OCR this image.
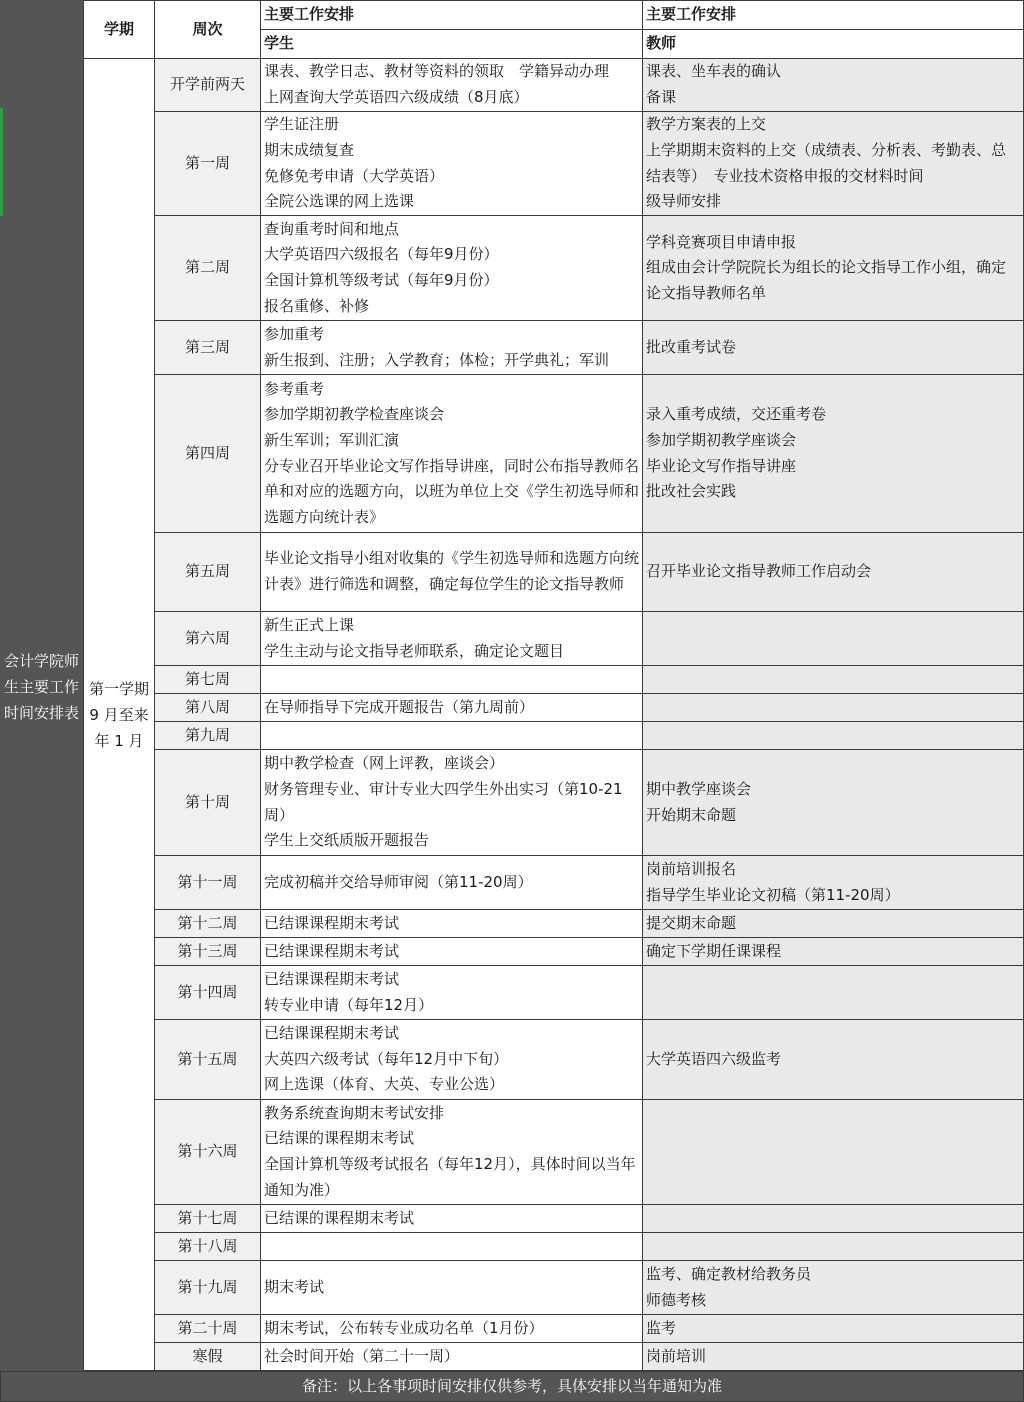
会计学院师
生主要工作
时间安排表
学期	周次	主要工作安排	主要工作安排
		学生	教师

第一学期
9 月至来
年 1 月	开学前两天	课表、教学日志、教材等资料的领取　学籍异动办理
上网查询大学英语四六级成绩（8月底）	课表、坐车表的确认
备课

	第一周	学生证注册
期末成绩复查
免修免考申请（大学英语）
全院公选课的网上选课	教学方案表的上交
上学期期末资料的上交（成绩表、分析表、考勤表、总结表等）　专业技术资格申报的交材料时间
级导师安排

	第二周	查询重考时间和地点
大学英语四六级报名（每年9月份）
全国计算机等级考试（每年9月份）
报名重修、补修	学科竞赛项目申请申报
组成由会计学院院长为组长的论文指导工作小组，确定论文指导教师名单

	第三周	参加重考
新生报到、注册；入学教育；体检；开学典礼；军训	批改重考试卷

	第四周	参考重考
参加学期初教学检查座谈会
新生军训；军训汇演
分专业召开毕业论文写作指导讲座，同时公布指导教师名单和对应的选题方向，以班为单位上交《学生初选导师和选题方向统计表》	录入重考成绩，交还重考卷
参加学期初教学座谈会
毕业论文写作指导讲座
批改社会实践

	第五周	毕业论文指导小组对收集的《学生初选导师和选题方向统计表》进行筛选和调整，确定每位学生的论文指导教师	召开毕业论文指导教师工作启动会

	第六周	新生正式上课
学生主动与论文指导老师联系，确定论文题目	

	第七周		
	第八周	在导师指导下完成开题报告（第九周前）	

	第九周		
	第十周	期中教学检查（网上评教，座谈会）
财务管理专业、审计专业大四学生外出实习（第10-21周）
学生上交纸质版开题报告	期中教学座谈会
开始期末命题

	第十一周	完成初稿并交给导师审阅（第11-20周）	岗前培训报名
指导学生毕业论文初稿（第11-20周）

	第十二周	已结课课程期末考试	提交期末命题

	第十三周	已结课课程期末考试	确定下学期任课课程

	第十四周	已结课课程期末考试
转专业申请（每年12月）	

	第十五周	已结课课程期末考试
大英四六级考试（每年12月中下旬）
网上选课（体育、大英、专业公选）	大学英语四六级监考

	第十六周	教务系统查询期末考试安排
已结课的课程期末考试
全国计算机等级考试报名（每年12月），具体时间以当年通知为准）	

	第十七周	已结课的课程期末考试	

	第十八周		
	第十九周	期末考试	监考、确定教材给教务员
师德考核

	第二十周	期末考试，公布转专业成功名单（1月份）	监考

	寒假	社会时间开始（第二十一周）	岗前培训
备注：以上各事项时间安排仅供参考，具体安排以当年通知为准
